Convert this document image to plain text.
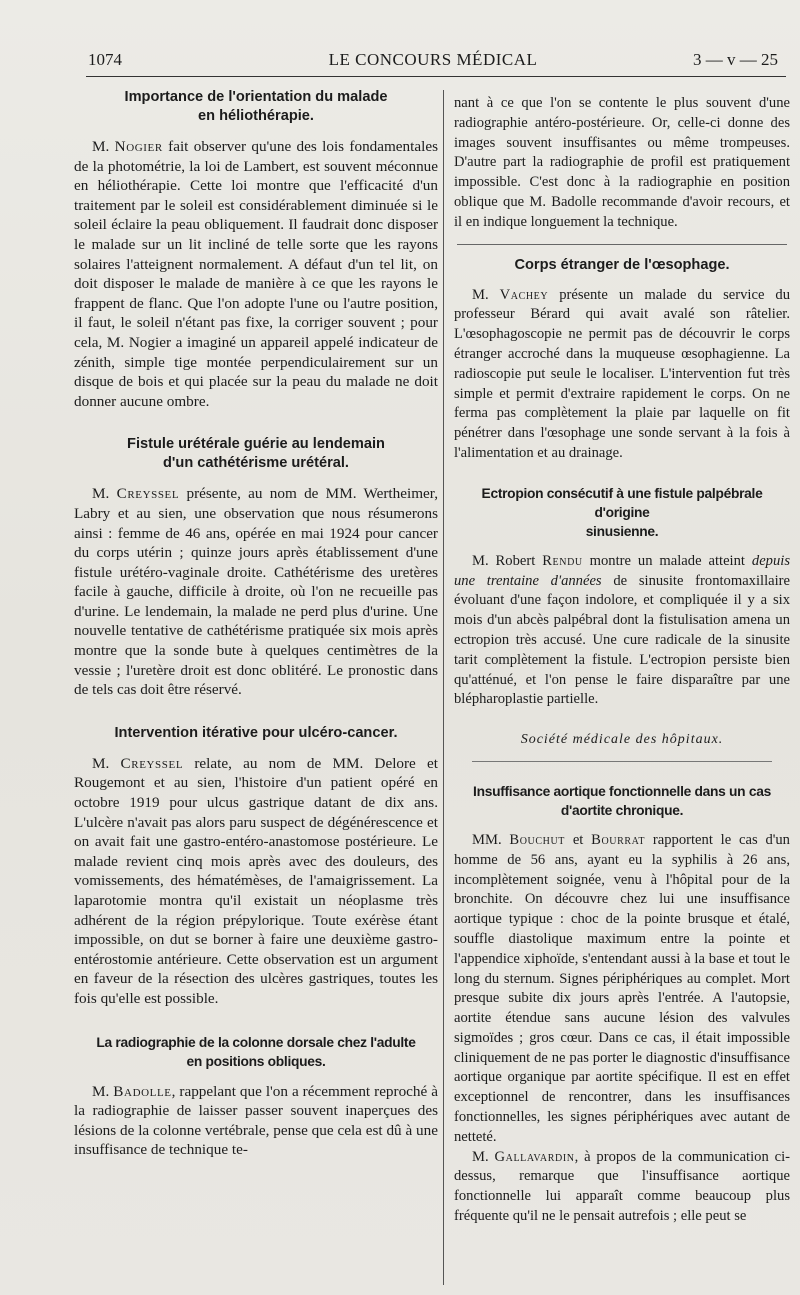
1074	LE CONCOURS MÉDICAL	3 — v — 25
Importance de l'orientation du malade
en héliothérapie.

M. Nogier fait observer qu'une des lois fondamentales de la photométrie, la loi de Lambert, est souvent méconnue en héliothérapie. Cette loi montre que l'efficacité d'un traitement par le soleil est considérablement diminuée si le soleil éclaire la peau obliquement. Il faudrait donc disposer le malade sur un lit incliné de telle sorte que les rayons solaires l'atteignent normalement. A défaut d'un tel lit, on doit disposer le malade de manière à ce que les rayons le frappent de flanc. Que l'on adopte l'une ou l'autre position, il faut, le soleil n'étant pas fixe, la corriger souvent ; pour cela, M. Nogier a imaginé un appareil appelé indicateur de zénith, simple tige montée perpendiculairement sur un disque de bois et qui placée sur la peau du malade ne doit donner aucune ombre.

Fistule urétérale guérie au lendemain
d'un cathétérisme urétéral.

M. Creyssel présente, au nom de MM. Wertheimer, Labry et au sien, une observation que nous résumerons ainsi : femme de 46 ans, opérée en mai 1924 pour cancer du corps utérin ; quinze jours après établissement d'une fistule urétéro-vaginale droite. Cathétérisme des uretères facile à gauche, difficile à droite, où l'on ne recueille pas d'urine. Le lendemain, la malade ne perd plus d'urine. Une nouvelle tentative de cathétérisme pratiquée six mois après montre que la sonde bute à quelques centimètres de la vessie ; l'uretère droit est donc oblitéré. Le pronostic dans de tels cas doit être réservé.

Intervention itérative pour ulcéro-cancer.

M. Creyssel relate, au nom de MM. Delore et Rougemont et au sien, l'histoire d'un patient opéré en octobre 1919 pour ulcus gastrique datant de dix ans. L'ulcère n'avait pas alors paru suspect de dégénérescence et on avait fait une gastro-entéro-anastomose postérieure. Le malade revient cinq mois après avec des douleurs, des vomissements, des hématémèses, de l'amaigrissement. La laparotomie montra qu'il existait un néoplasme très adhérent de la région prépylorique. Toute exérèse étant impossible, on dut se borner à faire une deuxième gastro-entérostomie antérieure. Cette observation est un argument en faveur de la résection des ulcères gastriques, toutes les fois qu'elle est possible.

La radiographie de la colonne dorsale chez l'adulte
en positions obliques.

M. Badolle, rappelant que l'on a récemment reproché à la radiographie de laisser passer souvent inaperçues des lésions de la colonne vertébrale, pense que cela est dû à une insuffisance de technique te-

nant à ce que l'on se contente le plus souvent d'une radiographie antéro-postérieure. Or, celle-ci donne des images souvent insuffisantes ou même trompeuses. D'autre part la radiographie de profil est pratiquement impossible. C'est donc à la radiographie en position oblique que M. Badolle recommande d'avoir recours, et il en indique longuement la technique.

Corps étranger de l'œsophage.

M. Vachey présente un malade du service du professeur Bérard qui avait avalé son râtelier. L'œsophagoscopie ne permit pas de découvrir le corps étranger accroché dans la muqueuse œsophagienne. La radioscopie put seule le localiser. L'intervention fut très simple et permit d'extraire rapidement le corps. On ne ferma pas complètement la plaie par laquelle on fit pénétrer dans l'œsophage une sonde servant à la fois à l'alimentation et au drainage.

Ectropion consécutif à une fistule palpébrale d'origine
sinusienne.

M. Robert Rendu montre un malade atteint depuis une trentaine d'années de sinusite frontomaxillaire évoluant d'une façon indolore, et compliquée il y a six mois d'un abcès palpébral dont la fistulisation amena un ectropion très accusé. Une cure radicale de la sinusite tarit complètement la fistule. L'ectropion persiste bien qu'atténué, et l'on pense le faire disparaître par une blépharoplastie partielle.

Société médicale des hôpitaux.
Insuffisance aortique fonctionnelle dans un cas
d'aortite chronique.

MM. Bouchut et Bourrat rapportent le cas d'un homme de 56 ans, ayant eu la syphilis à 26 ans, incomplètement soignée, venu à l'hôpital pour de la bronchite. On découvre chez lui une insuffisance aortique typique : choc de la pointe brusque et étalé, souffle diastolique maximum entre la pointe et l'appendice xiphoïde, s'entendant aussi à la base et tout le long du sternum. Signes périphériques au complet. Mort presque subite dix jours après l'entrée. A l'autopsie, aortite étendue sans aucune lésion des valvules sigmoïdes ; gros cœur. Dans ce cas, il était impossible cliniquement de ne pas porter le diagnostic d'insuffisance aortique organique par aortite spécifique. Il est en effet exceptionnel de rencontrer, dans les insuffisances fonctionnelles, les signes périphériques avec autant de netteté.

M. Gallavardin, à propos de la communication ci-dessus, remarque que l'insuffisance aortique fonctionnelle lui apparaît comme beaucoup plus fréquente qu'il ne le pensait autrefois ; elle peut se
